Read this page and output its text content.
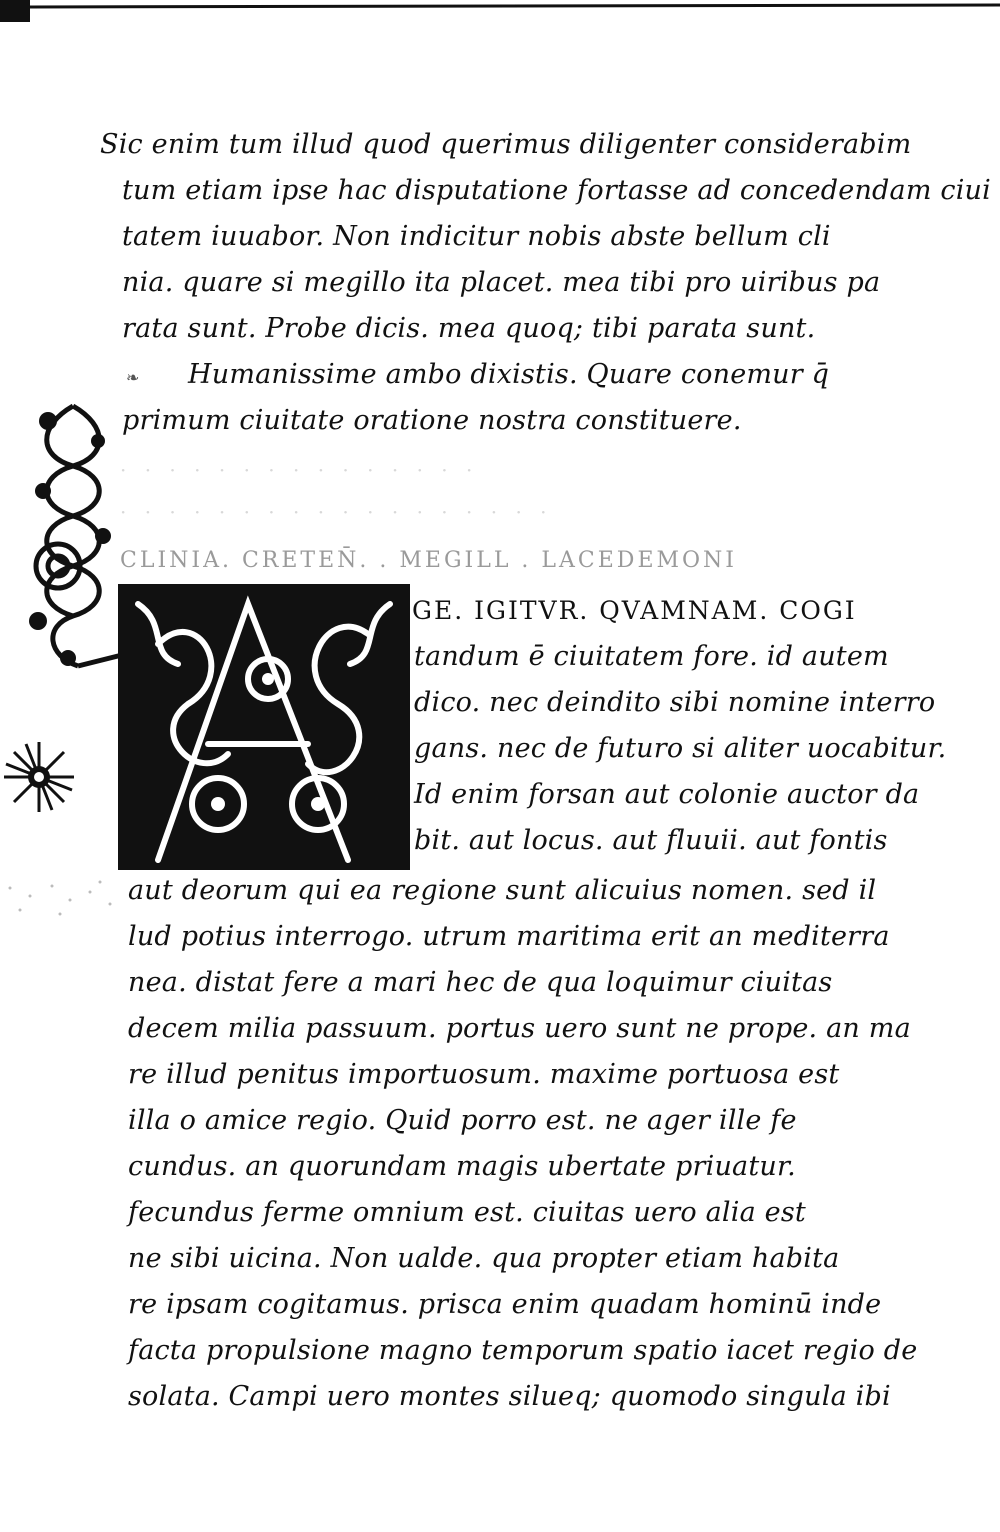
Sic enim tum illud quod querimus diligenter considerabim
tum etiam ipse hac disputatione fortasse ad concedendam ciui
tatem iuuabor. Non indicitur nobis abste bellum cli
nia. quare si megillo ita placet. mea tibi pro uiribus pa
rata sunt. Probe dicis. mea quoq; tibi parata sunt.
Humanissime ambo dixistis. Quare conemur q̄
primum ciuitate oratione nostra constituere.
❧
· · · · · · · · · · · · · · ·
· · · · · · · · · · · · · · · · · ·
CLINIA. CRETEN̄. . MEGILL . LACEDEMONI
GE. IGITVR. QVAMNAM. COGI
tandum ē ciuitatem fore. id autem
dico. nec deindito sibi nomine interro
gans. nec de futuro si aliter uocabitur.
Id enim forsan aut colonie auctor da
bit. aut locus. aut fluuii. aut fontis
aut deorum qui ea regione sunt alicuius nomen. sed il
lud potius interrogo. utrum maritima erit an mediterra
nea. distat fere a mari hec de qua loquimur ciuitas
decem milia passuum. portus uero sunt ne prope. an ma
re illud penitus importuosum. maxime portuosa est
illa o amice regio. Quid porro est. ne ager ille fe
cundus. an quorundam magis ubertate priuatur.
fecundus ferme omnium est. ciuitas uero alia est
ne sibi uicina. Non ualde. qua propter etiam habita
re ipsam cogitamus. prisca enim quadam hominū inde
facta propulsione magno temporum spatio iacet regio de
solata. Campi uero montes silueq; quomodo singula ibi
